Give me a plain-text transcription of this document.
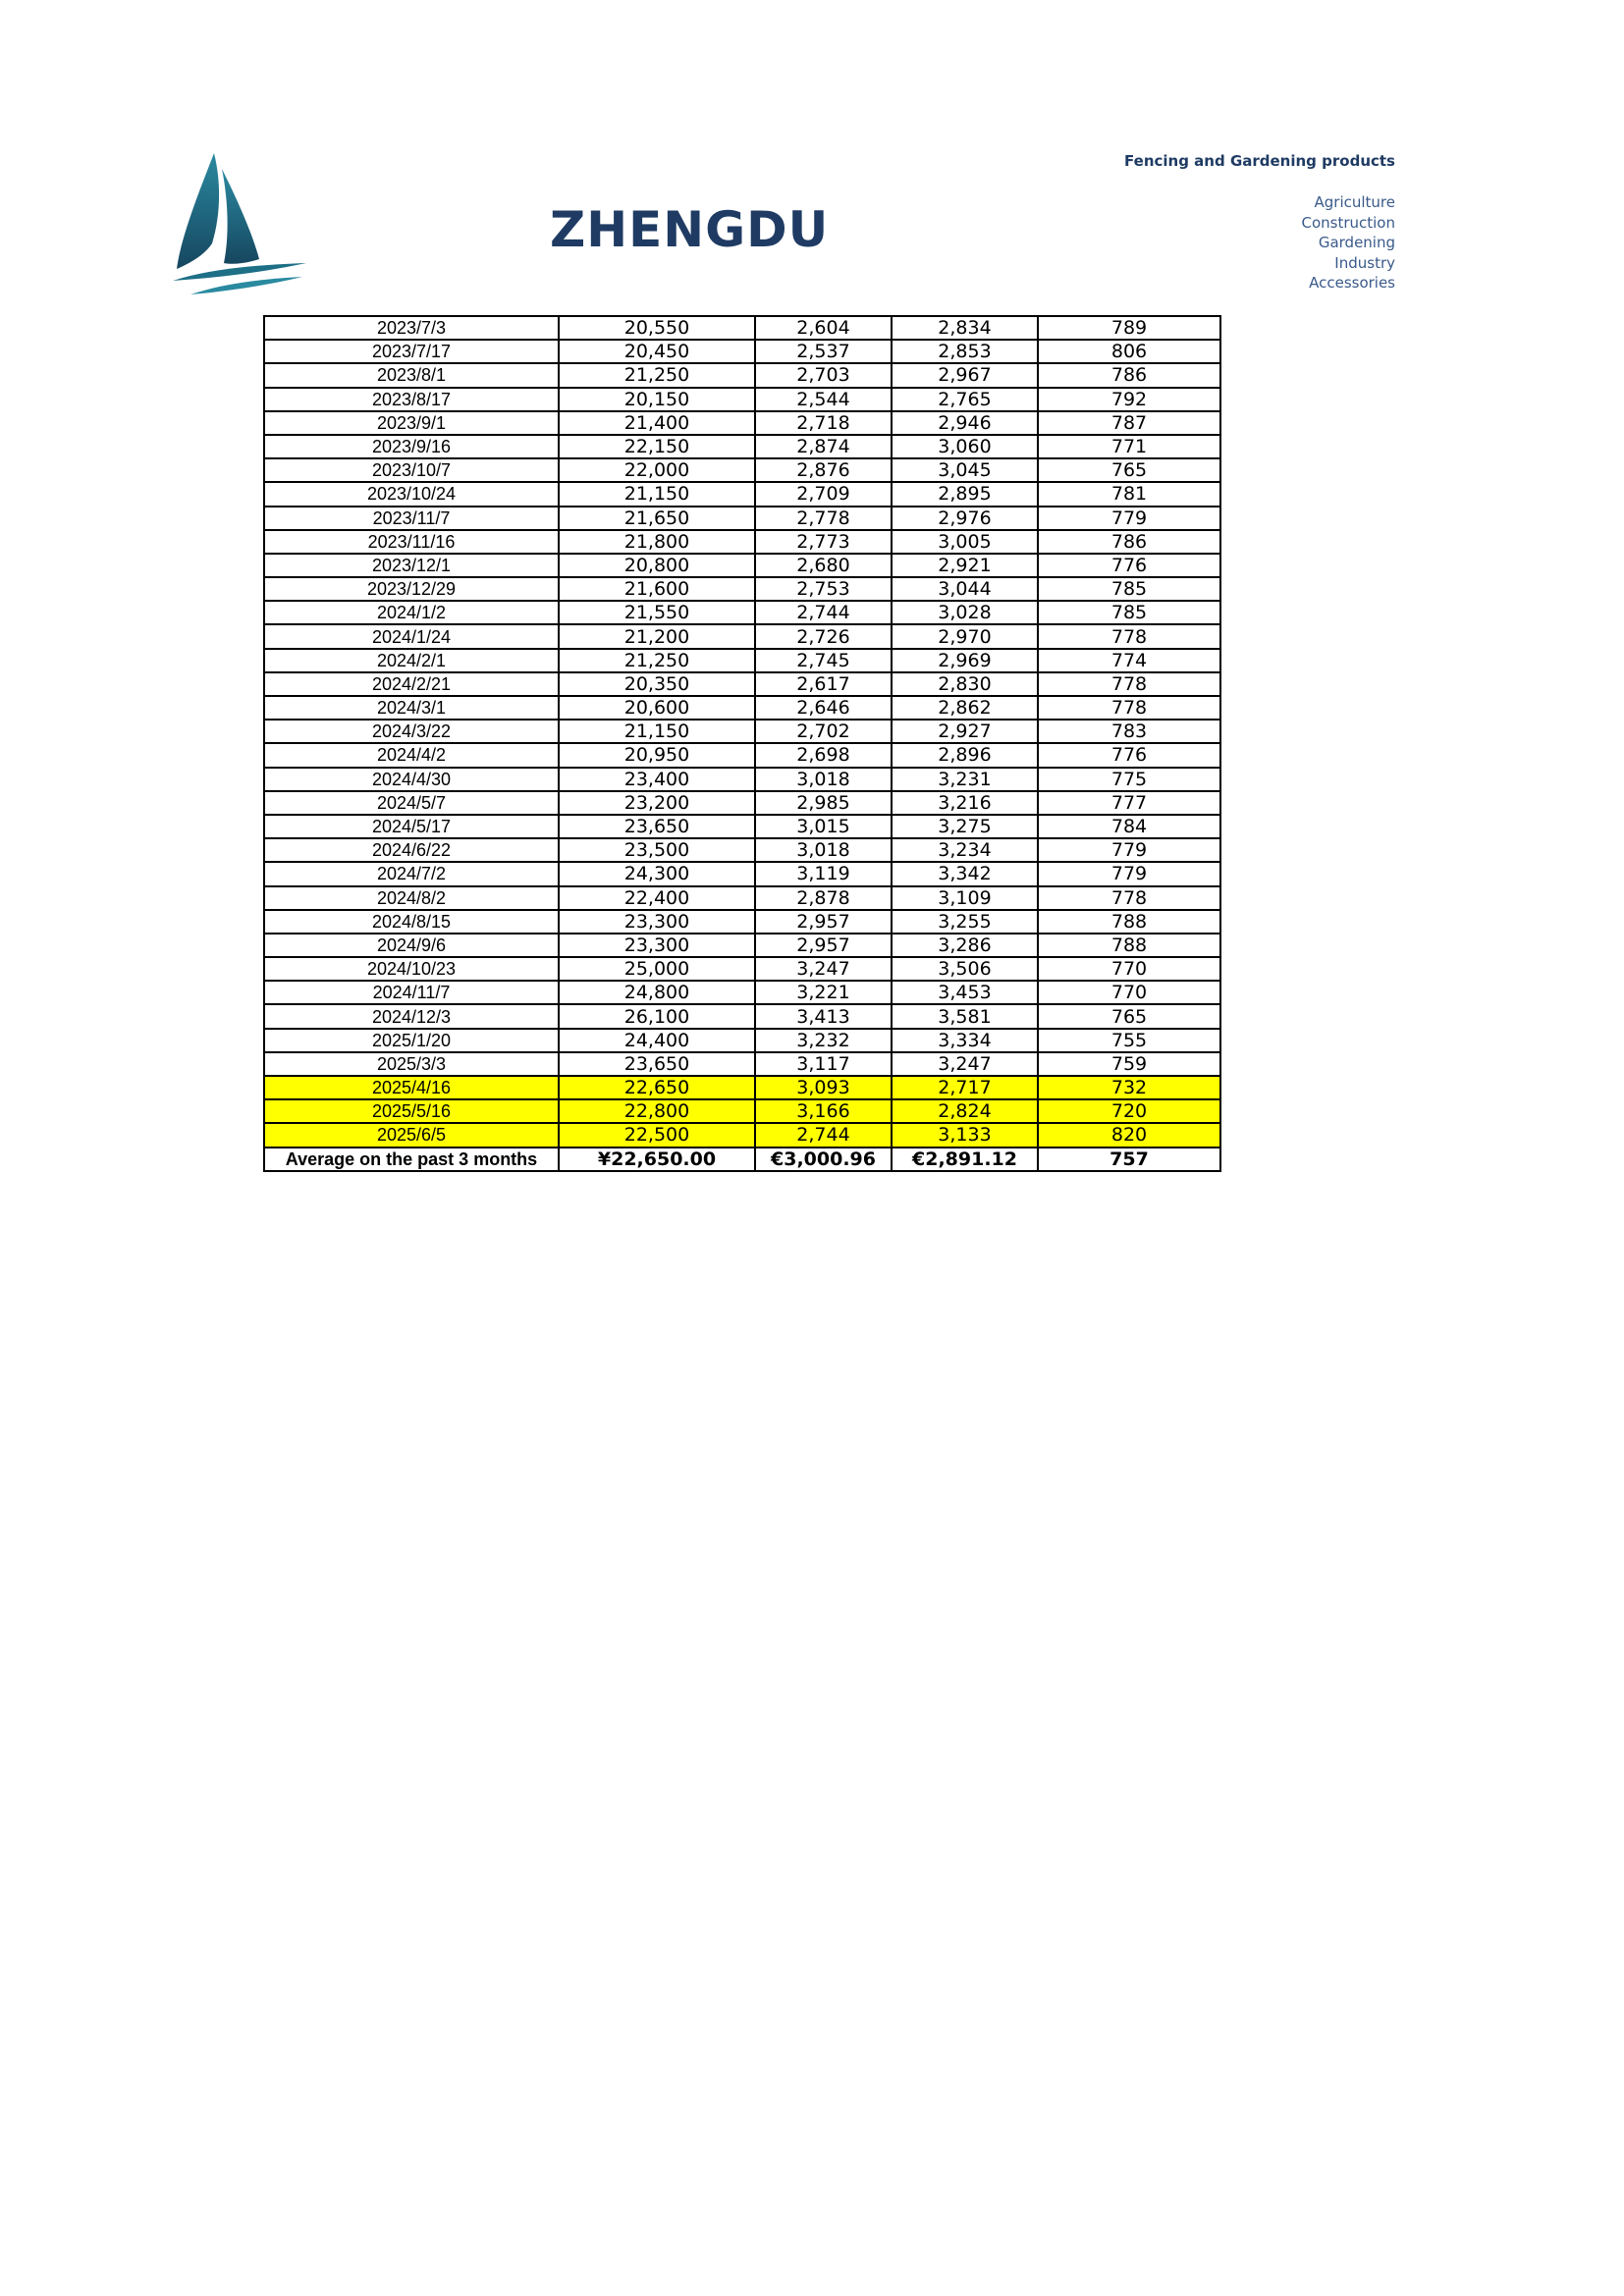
ZHENGDU
Fencing and Gardening products
Agriculture
Construction
Gardening
Industry
Accessories
2023/7/3	20,550	2,604	2,834	789
2023/7/17	20,450	2,537	2,853	806
2023/8/1	21,250	2,703	2,967	786
2023/8/17	20,150	2,544	2,765	792
2023/9/1	21,400	2,718	2,946	787
2023/9/16	22,150	2,874	3,060	771
2023/10/7	22,000	2,876	3,045	765
2023/10/24	21,150	2,709	2,895	781
2023/11/7	21,650	2,778	2,976	779
2023/11/16	21,800	2,773	3,005	786
2023/12/1	20,800	2,680	2,921	776
2023/12/29	21,600	2,753	3,044	785
2024/1/2	21,550	2,744	3,028	785
2024/1/24	21,200	2,726	2,970	778
2024/2/1	21,250	2,745	2,969	774
2024/2/21	20,350	2,617	2,830	778
2024/3/1	20,600	2,646	2,862	778
2024/3/22	21,150	2,702	2,927	783
2024/4/2	20,950	2,698	2,896	776
2024/4/30	23,400	3,018	3,231	775
2024/5/7	23,200	2,985	3,216	777
2024/5/17	23,650	3,015	3,275	784
2024/6/22	23,500	3,018	3,234	779
2024/7/2	24,300	3,119	3,342	779
2024/8/2	22,400	2,878	3,109	778
2024/8/15	23,300	2,957	3,255	788
2024/9/6	23,300	2,957	3,286	788
2024/10/23	25,000	3,247	3,506	770
2024/11/7	24,800	3,221	3,453	770
2024/12/3	26,100	3,413	3,581	765
2025/1/20	24,400	3,232	3,334	755
2025/3/3	23,650	3,117	3,247	759
2025/4/16	22,650	3,093	2,717	732
2025/5/16	22,800	3,166	2,824	720
2025/6/5	22,500	2,744	3,133	820
Average on the past 3 months	¥22,650.00	€3,000.96	€2,891.12	757
